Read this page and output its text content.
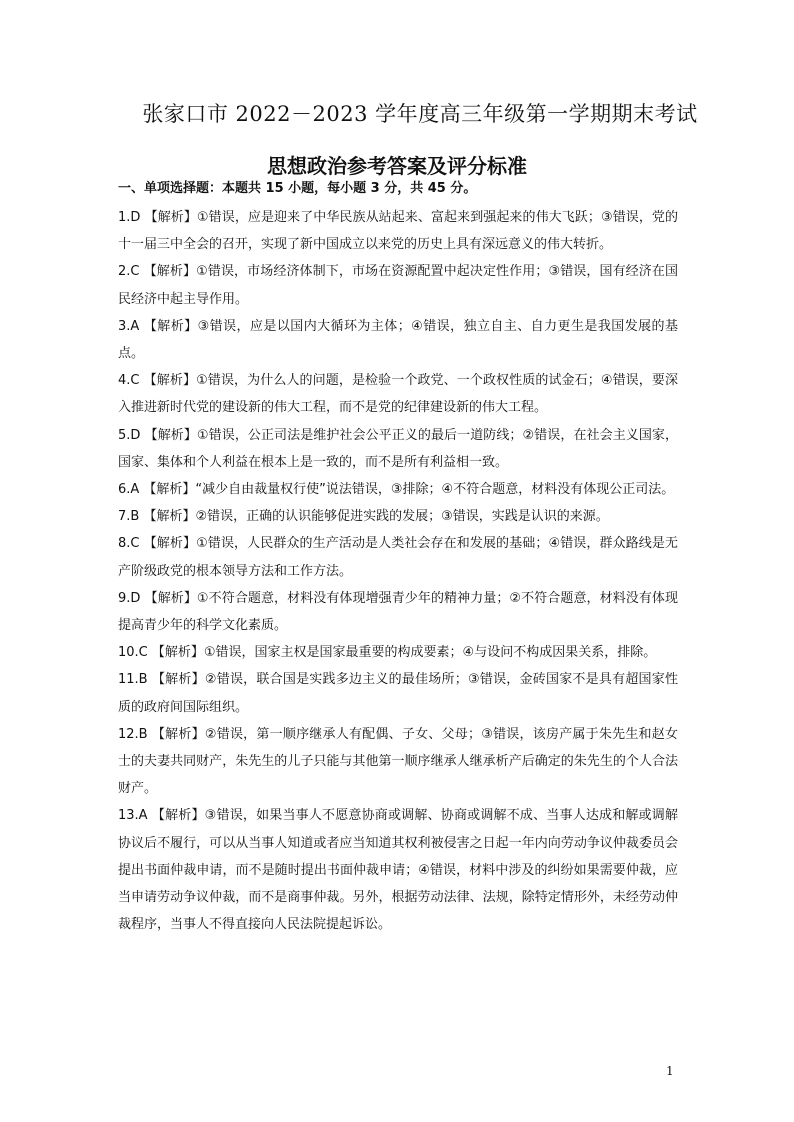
张家口市 2022－2023 学年度高三年级第一学期期末考试
思想政治参考答案及评分标准
一、单项选择题：本题共 15 小题，每小题 3 分，共 45 分。

1.D 【解析】①错误，应是迎来了中华民族从站起来、富起来到强起来的伟大飞跃；③错误，党的十一届三中全会的召开，实现了新中国成立以来党的历史上具有深远意义的伟大转折。

2.C 【解析】①错误，市场经济体制下，市场在资源配置中起决定性作用；③错误，国有经济在国民经济中起主导作用。

3.A 【解析】③错误，应是以国内大循环为主体；④错误，独立自主、自力更生是我国发展的基点。

4.C 【解析】①错误，为什么人的问题，是检验一个政党、一个政权性质的试金石；④错误，要深入推进新时代党的建设新的伟大工程，而不是党的纪律建设新的伟大工程。

5.D 【解析】①错误，公正司法是维护社会公平正义的最后一道防线；②错误，在社会主义国家，国家、集体和个人利益在根本上是一致的，而不是所有利益相一致。

6.A 【解析】“减少自由裁量权行使”说法错误，③排除；④不符合题意，材料没有体现公正司法。

7.B 【解析】②错误，正确的认识能够促进实践的发展；③错误，实践是认识的来源。

8.C 【解析】①错误，人民群众的生产活动是人类社会存在和发展的基础；④错误，群众路线是无产阶级政党的根本领导方法和工作方法。

9.D 【解析】①不符合题意，材料没有体现增强青少年的精神力量；②不符合题意，材料没有体现提高青少年的科学文化素质。

10.C 【解析】①错误，国家主权是国家最重要的构成要素；④与设问不构成因果关系，排除。

11.B 【解析】②错误，联合国是实践多边主义的最佳场所；③错误，金砖国家不是具有超国家性质的政府间国际组织。

12.B 【解析】②错误，第一顺序继承人有配偶、子女、父母；③错误，该房产属于朱先生和赵女士的夫妻共同财产，朱先生的儿子只能与其他第一顺序继承人继承析产后确定的朱先生的个人合法财产。

13.A 【解析】③错误，如果当事人不愿意协商或调解、协商或调解不成、当事人达成和解或调解协议后不履行，可以从当事人知道或者应当知道其权利被侵害之日起一年内向劳动争议仲裁委员会提出书面仲裁申请，而不是随时提出书面仲裁申请；④错误，材料中涉及的纠纷如果需要仲裁，应当申请劳动争议仲裁，而不是商事仲裁。另外，根据劳动法律、法规，除特定情形外，未经劳动仲裁程序，当事人不得直接向人民法院提起诉讼。

1
